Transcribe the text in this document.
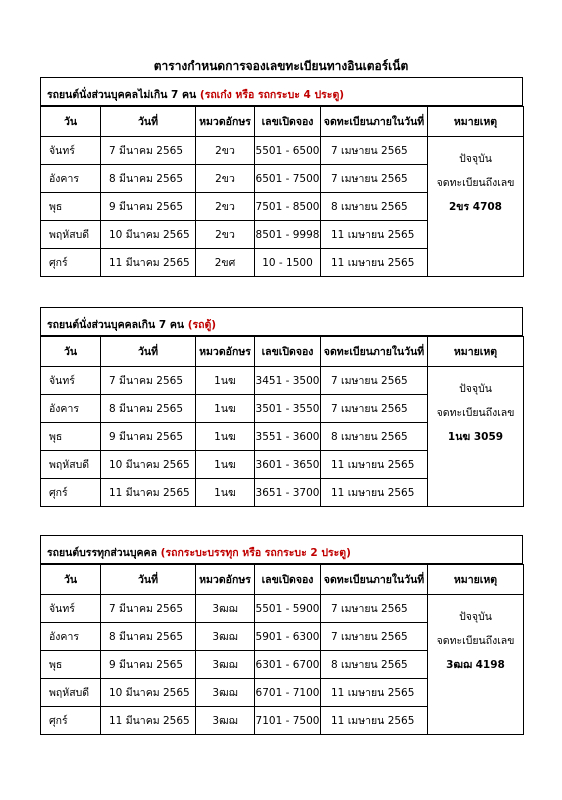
ตารางกำหนดการจองเลขทะเบียนทางอินเตอร์เน็ต
รถยนต์นั่งส่วนบุคคลไม่เกิน 7 คน (รถเก๋ง หรือ รถกระบะ 4 ประตู)
วัน	วันที่	หมวดอักษร	เลขเปิดจอง	จดทะเบียนภายในวันที่	หมายเหตุ
จันทร์	7 มีนาคม 2565	2ขว	5501 - 6500	7 เมษายน 2565	ปัจจุบัน
จดทะเบียนถึงเลข
2ขร 4708

อังคาร	8 มีนาคม 2565	2ขว	6501 - 7500	7 เมษายน 2565	
พุธ	9 มีนาคม 2565	2ขว	7501 - 8500	8 เมษายน 2565	
พฤหัสบดี	10 มีนาคม 2565	2ขว	8501 - 9998	11 เมษายน 2565	
ศุกร์	11 มีนาคม 2565	2ขศ	10 - 1500	11 เมษายน 2565	
รถยนต์นั่งส่วนบุคคลเกิน 7 คน (รถตู้)
วัน	วันที่	หมวดอักษร	เลขเปิดจอง	จดทะเบียนภายในวันที่	หมายเหตุ
จันทร์	7 มีนาคม 2565	1นฆ	3451 - 3500	7 เมษายน 2565	ปัจจุบัน
จดทะเบียนถึงเลข
1นฆ 3059

อังคาร	8 มีนาคม 2565	1นฆ	3501 - 3550	7 เมษายน 2565	
พุธ	9 มีนาคม 2565	1นฆ	3551 - 3600	8 เมษายน 2565	
พฤหัสบดี	10 มีนาคม 2565	1นฆ	3601 - 3650	11 เมษายน 2565	
ศุกร์	11 มีนาคม 2565	1นฆ	3651 - 3700	11 เมษายน 2565	
รถยนต์บรรทุกส่วนบุคคล (รถกระบะบรรทุก หรือ รถกระบะ 2 ประตู)
วัน	วันที่	หมวดอักษร	เลขเปิดจอง	จดทะเบียนภายในวันที่	หมายเหตุ
จันทร์	7 มีนาคม 2565	3ฒฌ	5501 - 5900	7 เมษายน 2565	ปัจจุบัน
จดทะเบียนถึงเลข
3ฒฌ 4198

อังคาร	8 มีนาคม 2565	3ฒฌ	5901 - 6300	7 เมษายน 2565	
พุธ	9 มีนาคม 2565	3ฒฌ	6301 - 6700	8 เมษายน 2565	
พฤหัสบดี	10 มีนาคม 2565	3ฒฌ	6701 - 7100	11 เมษายน 2565	
ศุกร์	11 มีนาคม 2565	3ฒฌ	7101 - 7500	11 เมษายน 2565	
